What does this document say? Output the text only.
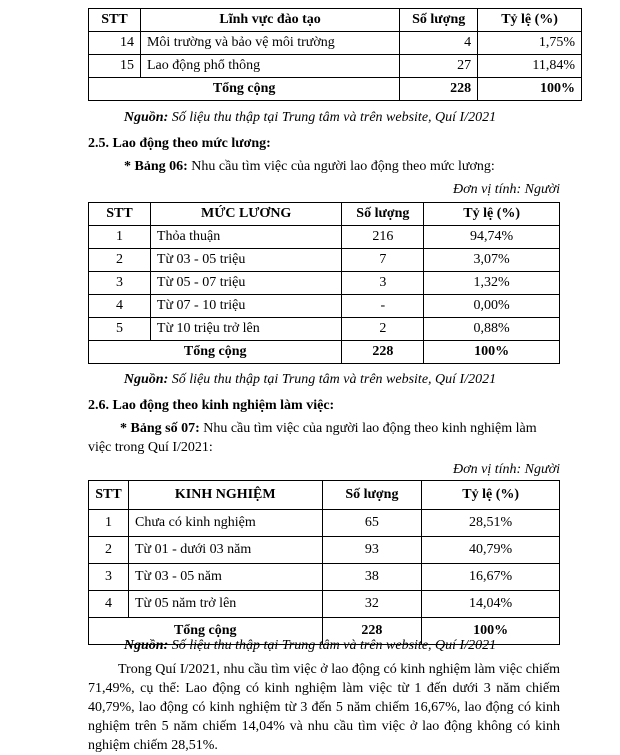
STT	Lĩnh vực đào tạo	Số lượng	Tỷ lệ (%)
14	Môi trường và bảo vệ môi trường	4	1,75%
15	Lao động phổ thông	27	11,84%
Tổng cộng		228	100%
Nguồn: Số liệu thu thập tại Trung tâm và trên website, Quí I/2021
2.5. Lao động theo mức lương:
* Bảng 06: Nhu cầu tìm việc của người lao động theo mức lương:
Đơn vị tính: Người
STT	MỨC LƯƠNG	Số lượng	Tỷ lệ (%)
1	Thỏa thuận	216	94,74%
2	Từ 03 - 05 triệu	7	3,07%
3	Từ 05 - 07 triệu	3	1,32%
4	Từ 07 - 10 triệu	-	0,00%
5	Từ 10 triệu trở lên	2	0,88%
Tổng cộng		228	100%
Nguồn: Số liệu thu thập tại Trung tâm và trên website, Quí I/2021
2.6. Lao động theo kinh nghiệm làm việc:
* Bảng số 07: Nhu cầu tìm việc của người lao động theo kinh nghiệm làm
việc trong Quí I/2021:
Đơn vị tính: Người
STT	KINH NGHIỆM	Số lượng	Tỷ lệ (%)
1	Chưa có kinh nghiệm	65	28,51%
2	Từ 01 - dưới 03 năm	93	40,79%
3	Từ 03 - 05 năm	38	16,67%
4	Từ 05 năm trở lên	32	14,04%
Tổng cộng		228	100%
Nguồn: Số liệu thu thập tại Trung tâm và trên website, Quí I/2021
Trong Quí I/2021, nhu cầu tìm việc ở lao động có kinh nghiệm làm việc chiếm 71,49%, cụ thể: Lao động có kinh nghiệm làm việc từ 1 đến dưới 3 năm chiếm 40,79%, lao động có kinh nghiệm từ 3 đến 5 năm chiếm 16,67%, lao động có kinh nghiệm trên 5 năm chiếm 14,04% và nhu cầu tìm việc ở lao động không có kinh nghiệm chiếm 28,51%.
